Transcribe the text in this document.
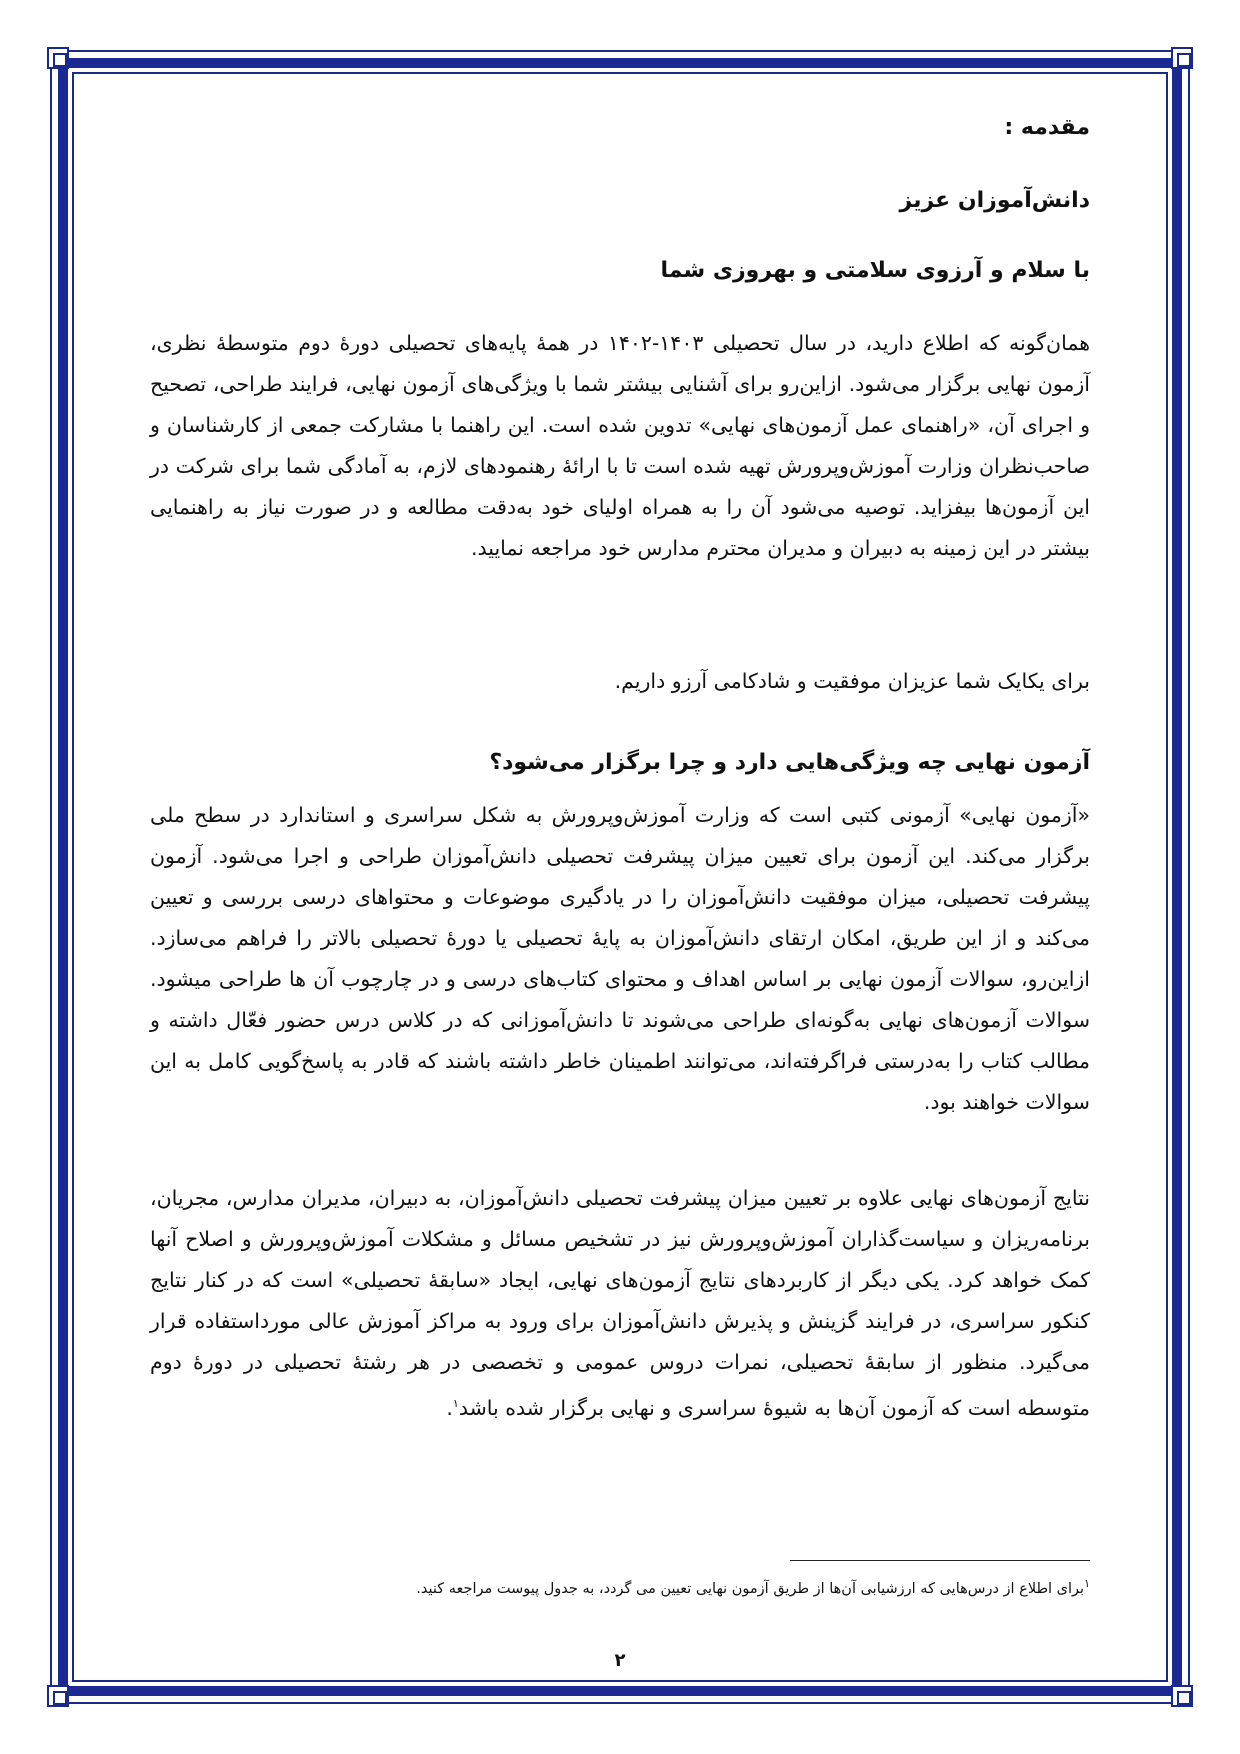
مقدمه :
دانش‌آموزان عزیز
با سلام و آرزوی سلامتی و بهروزی شما

همان‌گونه که اطلاع دارید، در سال تحصیلی ۱۴۰۳-۱۴۰۲ در همهٔ پایه‌های تحصیلی دورهٔ دوم متوسطهٔ نظری، آزمون نهایی برگزار می‌شود. ازاین‌رو برای آشنایی بیشتر شما با ویژگی‌های آزمون نهایی، فرایند طراحی، تصحیح و اجرای آن، «راهنمای عمل آزمون‌های نهایی» تدوین شده است. این راهنما با مشارکت جمعی از کارشناسان و صاحب‌نظران وزارت آموزش‌وپرورش تهیه شده است تا با ارائهٔ رهنمودهای لازم، به آمادگی شما برای شرکت در این آزمون‌ها بیفزاید. توصیه می‌شود آن را به همراه اولیای خود به‌دقت مطالعه و در صورت نیاز به راهنمایی بیشتر در این زمینه به دبیران و مدیران محترم مدارس خود مراجعه نمایید.

برای یکایک شما عزیزان موفقیت و شادکامی آرزو داریم.

آزمون نهایی چه ویژگی‌هایی دارد و چرا برگزار می‌شود؟

«آزمون نهایی» آزمونی کتبی است که وزارت آموزش‌وپرورش به شکل سراسری و استاندارد در سطح ملی برگزار می‌کند. این آزمون برای تعیین میزان پیشرفت تحصیلی دانش‌آموزان طراحی و اجرا می‌شود. آزمون پیشرفت تحصیلی، میزان موفقیت دانش‌آموزان را در یادگیری موضوعات و محتواهای درسی بررسی و تعیین می‌کند و از این طریق، امکان ارتقای دانش‌آموزان به پایهٔ تحصیلی یا دورهٔ تحصیلی بالاتر را فراهم می‌سازد. ازاین‌رو، سوالات آزمون نهایی بر اساس اهداف و محتوای کتاب‌های درسی و در چارچوب آن ها طراحی میشود. سوالات آزمون‌های نهایی به‌گونه‌ای طراحی می‌شوند تا دانش‌آموزانی که در کلاس درس حضور فعّال داشته و مطالب کتاب را به‌درستی فراگرفته‌اند، می‌توانند اطمینان خاطر داشته باشند که قادر به پاسخ‌گویی کامل به این سوالات خواهند بود.

نتایج آزمون‌های نهایی علاوه بر تعیین میزان پیشرفت تحصیلی دانش‌آموزان، به دبیران، مدیران مدارس، مجریان، برنامه‌ریزان و سیاست‌گذاران آموزش‌وپرورش نیز در تشخیص مسائل و مشکلات آموزش‌وپرورش و اصلاح آنها کمک خواهد کرد. یکی دیگر از کاربردهای نتایج آزمون‌های نهایی، ایجاد «سابقهٔ تحصیلی» است که در کنار نتایج کنکور سراسری، در فرایند گزینش و پذیرش دانش‌آموزان برای ورود به مراکز آموزش عالی مورداستفاده قرار می‌گیرد. منظور از سابقهٔ تحصیلی، نمرات دروس عمومی و تخصصی در هر رشتهٔ تحصیلی در دورهٔ دوم متوسطه است که آزمون آن‌ها به شیوهٔ سراسری و نهایی برگزار شده باشد$^۱$.

$^۱$برای اطلاع از درس‌هایی که ارزشیابی آن‌ها از طریق آزمون نهایی تعیین می گردد، به جدول پیوست مراجعه کنید.
۲
